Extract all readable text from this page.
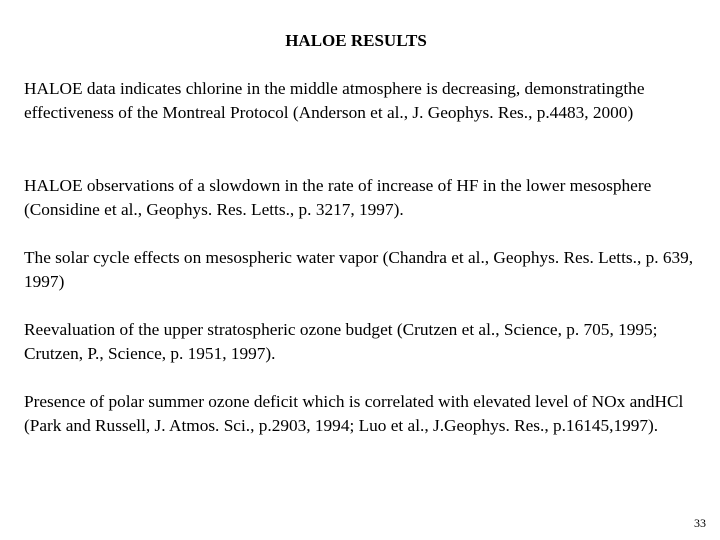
HALOE RESULTS
HALOE data indicates chlorine in the middle atmosphere is decreasing, demonstratingthe effectiveness of the Montreal Protocol (Anderson et al., J. Geophys. Res., p.4483, 2000)
HALOE observations of a slowdown in the rate of increase of HF in the lower mesosphere (Considine et al., Geophys. Res. Letts., p. 3217, 1997).
The solar cycle effects on mesospheric water vapor (Chandra et al., Geophys. Res. Letts., p. 639, 1997)
Reevaluation of the upper stratospheric ozone budget (Crutzen et al., Science, p. 705, 1995; Crutzen, P., Science, p. 1951, 1997).
Presence of polar summer ozone deficit which is correlated with elevated level of NOx andHCl (Park and Russell, J. Atmos. Sci., p.2903, 1994; Luo et al., J.Geophys. Res., p.16145,1997).
33
